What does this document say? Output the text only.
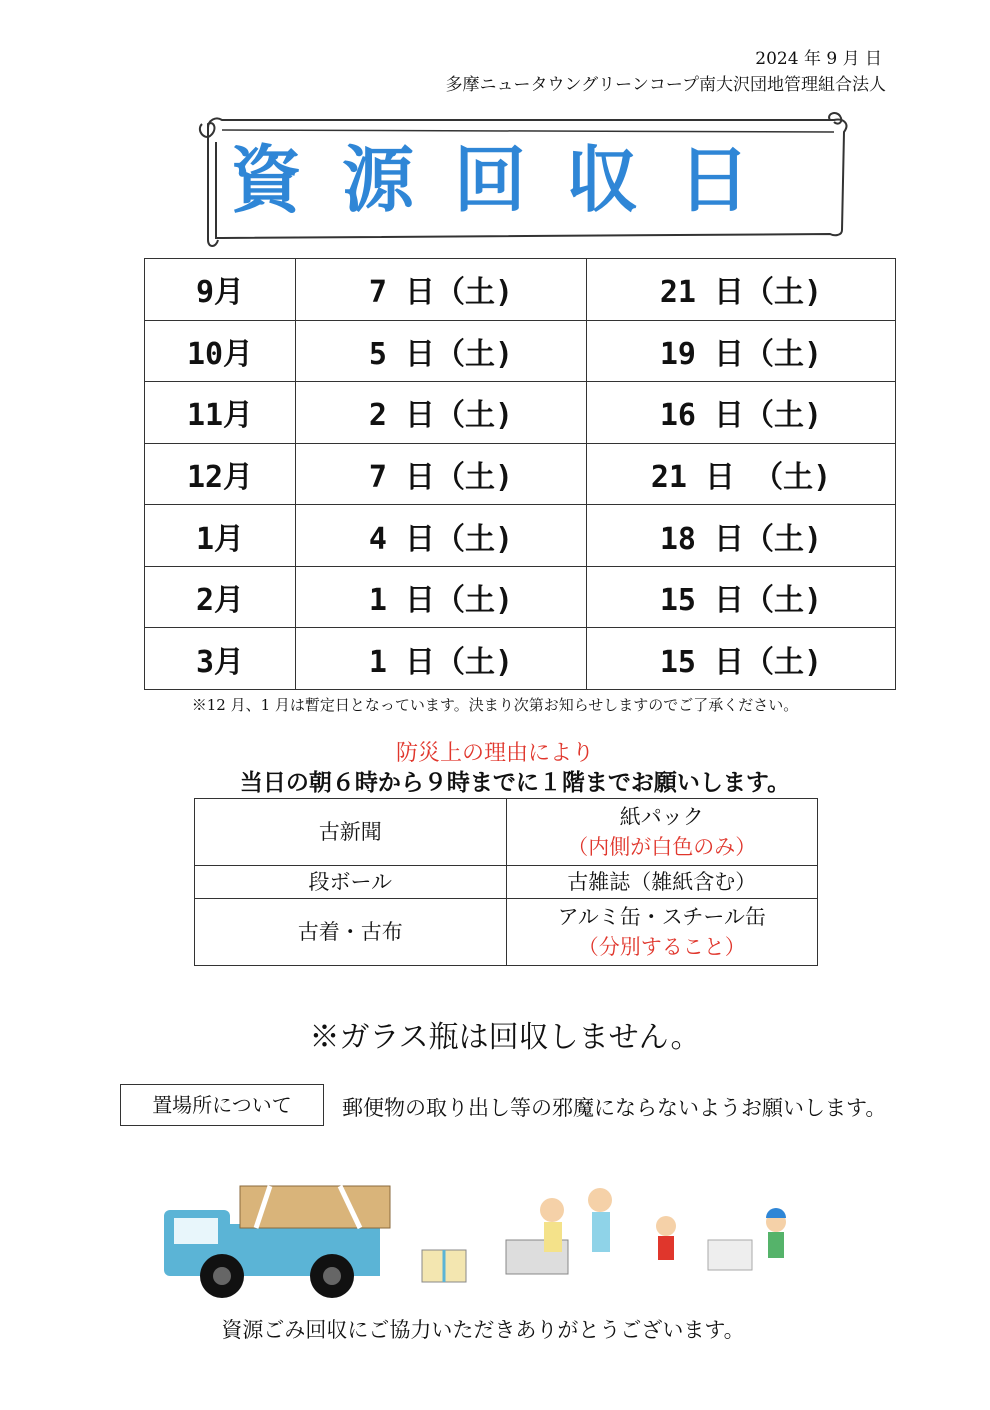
2024 年 9 月 日
多摩ニュータウングリーンコープ南大沢団地管理組合法人
資源回収日
9月	7 日（土)	21 日（土)
10月	5 日（土)	19 日（土)
11月	2 日（土)	16 日（土)
12月	7 日（土)	21 日 （土)
1月	4 日（土)	18 日（土)
2月	1 日（土)	15 日（土)
3月	1 日（土)	15 日（土)
※12 月、1 月は暫定日となっています。決まり次第お知らせしますのでご了承ください。
防災上の理由により
当日の朝６時から９時までに１階までお願いします。
古新聞	紙パック
（内側が白色のみ）

段ボール	古雑誌（雑紙含む）
古着・古布	アルミ缶・スチール缶
（分別すること）
※ガラス瓶は回収しません。
置場所について	郵便物の取り出し等の邪魔にならないようお願いします。
資源ごみ回収にご協力いただきありがとうございます。
